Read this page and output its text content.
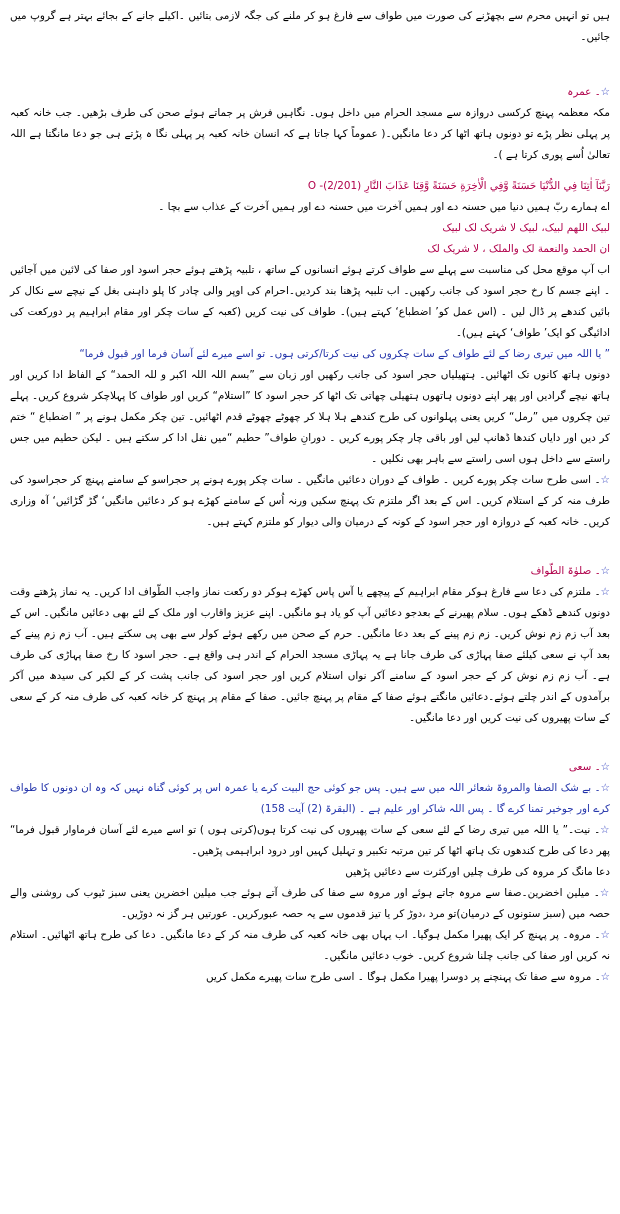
ہیں تو انہیں محرم سے بچھڑنے کی صورت میں طواف سے فارغ ہو کر ملنے کی جگہ لازمی بتائیں ۔اکیلے جانے کے بجائے بہتر ہے گروپ میں جائیں۔

☆۔ عمرہ

مکہ معظمہ پہنچ کرکسی دروازہ سے مسجد الحرام میں داخل ہوں۔ نگاہیں فرش پر جماتے ہوئے صحن کی طرف بڑھیں۔ جب خانہ کعبہ پر پہلی نظر پڑے تو دونوں ہاتھ اٹھا کر دعا مانگیں۔( عموماً کہا جاتا ہے کہ انسان خانہ کعبہ پر پہلی نگا ہ پڑتے ہی جو دعا مانگتا ہے اللہ تعالیٰ اُسے پوری کرتا ہے )۔

رَبَّنَآ اٰتِنَا فِي الدُّنْيَا حَسَنَةً وَّفِي الْاٰخِرَةِ حَسَنَةً وَّقِنَا عَذَابَ النَّارِ O -(2/201)

اے ہمارے ربّ ہمیں دنیا میں حسنہ دے اور ہمیں آخرت میں حسنہ دے اور ہمیں آخرت کے عذاب سے بچا ۔

لبیک اللھم لبیک، لبیک لا شریک لک لبیک

ان الحمد والنعمة لک والملک ، لا شریک لک

اب آپ موقع محل کی مناسبت سے پہلے سے طواف کرتے ہوئے انسانوں کے ساتھ ، تلبیہ پڑھتے ہوئے حجر اسود اور صفا کی لائین میں آجائیں ۔ اپنے جسم کا رخ حجر اسود کی جانب رکھیں۔ اب تلبیہ پڑھنا بند کردیں۔احرام کی اوپر والی چادر کا پلو داہنی بغل کے نیچے سے نکال کر بائیں کندھے پر ڈال لیں ۔ (اس عمل کو’ اضطباع‘ کہتے ہیں)۔ طواف کی نیت کریں (کعبہ کے سات چکر اور مقام ابراہیم پر دورکعت کی ادائیگی کو ایک’ طواف‘ کہتے ہیں)۔

” یا اللہ میں تیری رضا کے لئے طواف کے سات چکروں کی نیت کرتا/کرتی ہوں۔ تو اسے میرے لئے آسان فرما اور قبول فرما“

دونوں ہاتھ کانوں تک اٹھائیں۔ ہتھیلیاں حجر اسود کی جانب رکھیں اور زبان سے ”بسم اللہ اللہ اکبر و للہ الحمد“ کے الفاظ ادا کریں اور ہاتھ نیچے گرادیں اور پھر اپنے دونوں ہاتھوں ہتھیلی چھاتی تک اٹھا کر حجر اسود کا ”استلام“ کریں اور طواف کا پہلاچکر شروع کریں۔ پہلے تین چکروں میں ”رمل“ کریں یعنی پہلوانوں کی طرح کندھے ہلا ہلا کر چھوٹے چھوٹے قدم اٹھائیں۔ تین چکر مکمل ہونے پر ” اضطباع “ ختم کر دیں اور دایاں کندھا ڈھانپ لیں اور باقی چار چکر پورے کریں ۔ دورانِ طواف” حطیم “میں نفل ادا کر سکتے ہیں ۔ لیکن حطیم میں جس راستے سے داخل ہوں اسی راستے سے باہر بھی نکلیں ۔

☆۔ اسی طرح سات چکر پورے کریں ۔ طواف کے دوران دعائیں مانگیں ۔ سات چکر پورے ہونے پر حجراسو کے سامنے پہنچ کر حجراسود کی طرف منہ کر کے استلام کریں۔ اس کے بعد اگر ملتزم تک پہنچ سکیں ورنہ اُس کے سامنے کھڑے ہو کر دعائیں مانگیں‘ گڑ گڑائیں‘ آہ وزاری کریں۔ خانہ کعبہ کے دروازہ اور حجر اسود کے کونہ کے درمیان والی دیوار کو ملتزم کہتے ہیں۔

☆۔ صلوٰۃ الطّواف

☆۔ ملتزم کی دعا سے فارغ ہوکر مقام ابراہیم کے پیچھے یا آس پاس کھڑے ہوکر دو رکعت نماز واجب الطّواف ادا کریں۔ یہ نماز پڑھتے وقت دونوں کندھے ڈھکے ہوں۔ سلام پھیرنے کے بعدجو دعائیں آپ کو یاد ہو مانگیں۔ اپنے عزیز واقارب اور ملک کے لئے بھی دعائیں مانگیں۔ اس کے بعد آب زم زم نوش کریں۔ زم زم پینے کے بعد دعا مانگیں۔ حرم کے صحن میں رکھے ہوئے کولر سے بھی پی سکتے ہیں۔ آب زم زم پینے کے بعد آپ نے سعی کیلئے صفا پہاڑی کی طرف جانا ہے یہ پہاڑی مسجد الحرام کے اندر ہی واقع ہے۔ حجر اسود کا رخ صفا پہاڑی کی طرف ہے۔ آب زم زم نوش کر کے حجر اسود کے سامنے آکر نواں استلام کریں اور حجر اسود کی جانب پشت کر کے لکیر کی سیدھ میں آکر برآمدوں کے اندر چلتے ہوئے۔دعائیں مانگتے ہوئے صفا کے مقام پر پہنچ جائیں۔ صفا کے مقام پر پہنچ کر خانہ کعبہ کی طرف منہ کر کے سعی کے سات پھیروں کی نیت کریں اور دعا مانگیں۔

☆۔ سعی

☆۔ بے شک الصفا والمروۃ شعائر اللہ میں سے ہیں۔ پس جو کوئی حج البیت کرے یا عمرہ اس پر کوئی گناہ نہیں کہ وہ ان دونوں کا طواف کرے اور جوخیر تمنا کرے گا ۔ پس اللہ شاکر اور علیم ہے ۔ (البقرۃ (2) آیت 158)

☆۔ نیت۔” یا اللہ میں تیری رضا کے لئے سعی کے سات پھیروں کی نیت کرتا ہوں(کرتی ہوں ) تو اسے میرے لئے آسان فرماوار قبول فرما“ پھر دعا کی طرح کندھوں تک ہاتھ اٹھا کر تین مرتبہ تکبیر و تہلیل کہیں اور درود ابراہیمی پڑھیں۔

دعا مانگ کر مروہ کی طرف چلیں اورکثرت سے دعائیں پڑھیں

☆۔ میلین اخضرین۔صفا سے مروہ جاتے ہوئے اور مروہ سے صفا کی طرف آتے ہوئے جب میلین اخضرین یعنی سبز ٹیوب کی روشنی والے حصہ میں (سبز ستونوں کے درمیان)تو مرد ،دوڑ کر یا تیز قدموں سے یہ حصہ عبورکریں۔ عورتیں ہر گز نہ دوڑیں۔

☆۔ مروہ۔ پر پہنچ کر ایک پھیرا مکمل ہوگیا۔ اب یہاں بھی خانہ کعبہ کی طرف منہ کر کے دعا مانگیں۔ دعا کی طرح ہاتھ اٹھائیں۔ استلام نہ کریں اور صفا کی جانب چلنا شروع کریں۔ خوب دعائیں مانگیں۔

☆۔ مروہ سے صفا تک پہنچنے پر دوسرا پھیرا مکمل ہوگا ۔ اسی طرح سات پھیرے مکمل کریں
